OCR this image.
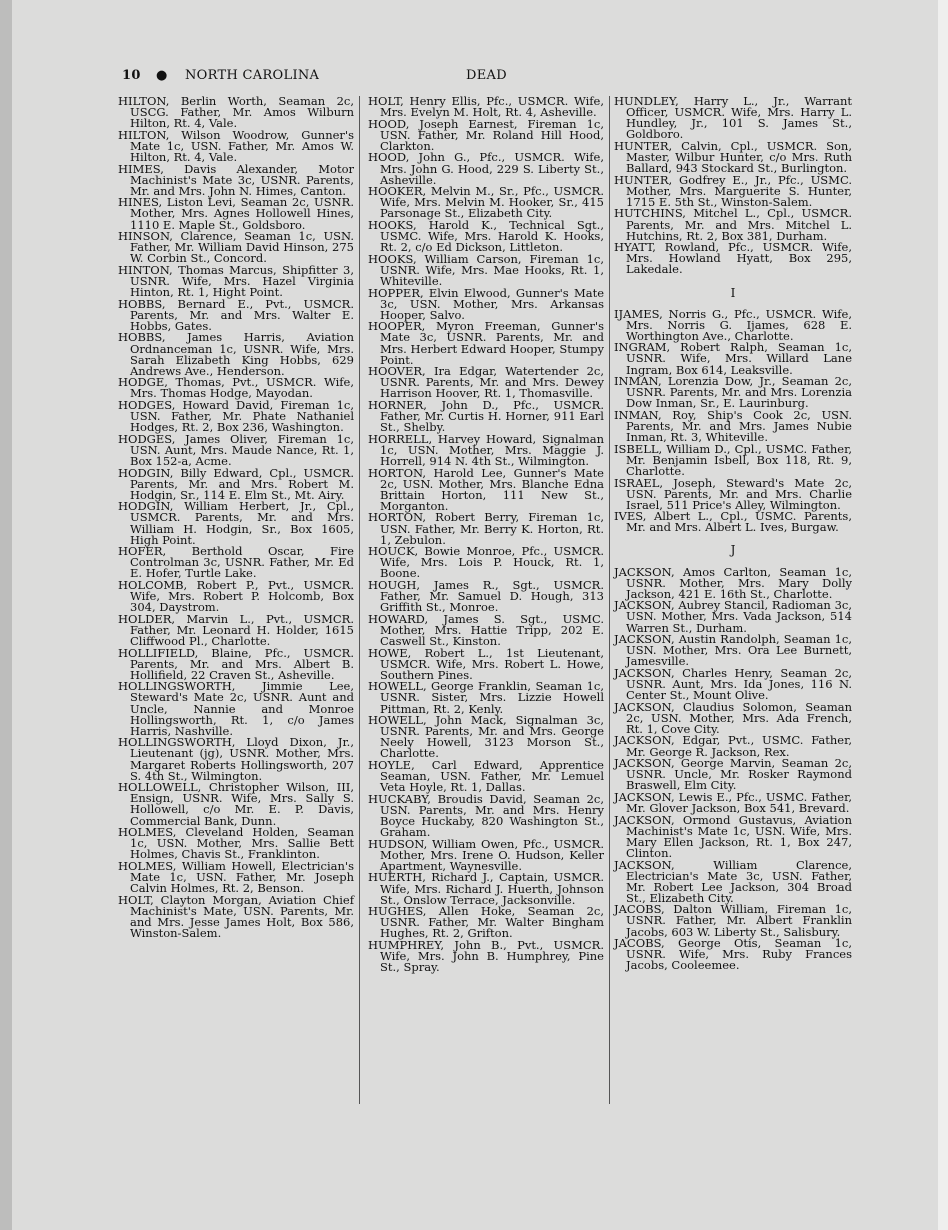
10 ● NORTH CAROLINA	DEAD
HILTON, Berlin Worth, Seaman 2c, USCG. Father, Mr. Amos Wilburn Hilton, Rt. 4, Vale.
HILTON, Wilson Woodrow, Gunner's Mate 1c, USN. Father, Mr. Amos W. Hilton, Rt. 4, Vale.
HIMES, Davis Alexander, Motor Machinist's Mate 3c, USNR. Parents, Mr. and Mrs. John N. Himes, Canton.
HINES, Liston Levi, Seaman 2c, USNR. Mother, Mrs. Agnes Hollowell Hines, 1110 E. Maple St., Goldsboro.
HINSON, Clarence, Seaman 1c, USN. Father, Mr. William David Hinson, 275 W. Corbin St., Concord.
HINTON, Thomas Marcus, Shipfitter 3, USNR. Wife, Mrs. Hazel Virginia Hinton, Rt. 1, Hight Point.
HOBBS, Bernard E., Pvt., USMCR. Parents, Mr. and Mrs. Walter E. Hobbs, Gates.
HOBBS, James Harris, Aviation Ordnanceman 1c, USNR. Wife, Mrs. Sarah Elizabeth King Hobbs, 629 Andrews Ave., Henderson.
HODGE, Thomas, Pvt., USMCR. Wife, Mrs. Thomas Hodge, Mayodan.
HODGES, Howard David, Fireman 1c, USN. Father, Mr. Phate Nathaniel Hodges, Rt. 2, Box 236, Washington.
HODGES, James Oliver, Fireman 1c, USN. Aunt, Mrs. Maude Nance, Rt. 1, Box 152-a, Acme.
HODGIN, Billy Edward, Cpl., USMCR. Parents, Mr. and Mrs. Robert M. Hodgin, Sr., 114 E. Elm St., Mt. Airy.
HODGIN, William Herbert, Jr., Cpl., USMCR. Parents, Mr. and Mrs. William H. Hodgin, Sr., Box 1605, High Point.
HOFER, Berthold Oscar, Fire Controlman 3c, USNR. Father, Mr. Ed E. Hofer, Turtle Lake.
HOLCOMB, Robert P., Pvt., USMCR. Wife, Mrs. Robert P. Holcomb, Box 304, Daystrom.
HOLDER, Marvin L., Pvt., USMCR. Father, Mr. Leonard H. Holder, 1615 Cliffwood Pl., Charlotte.
HOLLIFIELD, Blaine, Pfc., USMCR. Parents, Mr. and Mrs. Albert B. Hollifield, 22 Craven St., Asheville.
HOLLINGSWORTH, Jimmie Lee, Steward's Mate 2c, USNR. Aunt and Uncle, Nannie and Monroe Hollingsworth, Rt. 1, c/o James Harris, Nashville.
HOLLINGSWORTH, Lloyd Dixon, Jr., Lieutenant (jg), USNR. Mother, Mrs. Margaret Roberts Hollingsworth, 207 S. 4th St., Wilmington.
HOLLOWELL, Christopher Wilson, III, Ensign, USNR. Wife, Mrs. Sally S. Hollowell, c/o Mr. E. P. Davis, Commercial Bank, Dunn.
HOLMES, Cleveland Holden, Seaman 1c, USN. Mother, Mrs. Sallie Bett Holmes, Chavis St., Franklinton.
HOLMES, William Howell, Electrician's Mate 1c, USN. Father, Mr. Joseph Calvin Holmes, Rt. 2, Benson.
HOLT, Clayton Morgan, Aviation Chief Machinist's Mate, USN. Parents, Mr. and Mrs. Jesse James Holt, Box 586, Winston-Salem.
HOLT, Henry Ellis, Pfc., USMCR. Wife, Mrs. Evelyn M. Holt, Rt. 4, Asheville.
HOOD, Joseph Earnest, Fireman 1c, USN. Father, Mr. Roland Hill Hood, Clarkton.
HOOD, John G., Pfc., USMCR. Wife, Mrs. John G. Hood, 229 S. Liberty St., Asheville.
HOOKER, Melvin M., Sr., Pfc., USMCR. Wife, Mrs. Melvin M. Hooker, Sr., 415 Parsonage St., Elizabeth City.
HOOKS, Harold K., Technical Sgt., USMC. Wife, Mrs. Harold K. Hooks, Rt. 2, c/o Ed Dickson, Littleton.
HOOKS, William Carson, Fireman 1c, USNR. Wife, Mrs. Mae Hooks, Rt. 1, Whiteville.
HOPPER, Elvin Elwood, Gunner's Mate 3c, USN. Mother, Mrs. Arkansas Hooper, Salvo.
HOOPER, Myron Freeman, Gunner's Mate 3c, USNR. Parents, Mr. and Mrs. Herbert Edward Hooper, Stumpy Point.
HOOVER, Ira Edgar, Watertender 2c, USNR. Parents, Mr. and Mrs. Dewey Harrison Hoover, Rt. 1, Thomasville.
HORNER, John D., Pfc., USMCR. Father, Mr. Curtis H. Horner, 911 Earl St., Shelby.
HORRELL, Harvey Howard, Signalman 1c, USN. Mother, Mrs. Maggie J. Horrell, 914 N. 4th St., Wilmington.
HORTON, Harold Lee, Gunner's Mate 2c, USN. Mother, Mrs. Blanche Edna Brittain Horton, 111 New St., Morganton.
HORTON, Robert Berry, Fireman 1c, USN. Father, Mr. Berry K. Horton, Rt. 1, Zebulon.
HOUCK, Bowie Monroe, Pfc., USMCR. Wife, Mrs. Lois P. Houck, Rt. 1, Boone.
HOUGH, James R., Sgt., USMCR. Father, Mr. Samuel D. Hough, 313 Griffith St., Monroe.
HOWARD, James S. Sgt., USMC. Mother, Mrs. Hattie Tripp, 202 E. Caswell St., Kinston.
HOWE, Robert L., 1st Lieutenant, USMCR. Wife, Mrs. Robert L. Howe, Southern Pines.
HOWELL, George Franklin, Seaman 1c, USNR. Sister, Mrs. Lizzie Howell Pittman, Rt. 2, Kenly.
HOWELL, John Mack, Signalman 3c, USNR. Parents, Mr. and Mrs. George Neely Howell, 3123 Morson St., Charlotte.
HOYLE, Carl Edward, Apprentice Seaman, USN. Father, Mr. Lemuel Veta Hoyle, Rt. 1, Dallas.
HUCKABY, Broudis David, Seaman 2c, USN. Parents, Mr. and Mrs. Henry Boyce Huckaby, 820 Washington St., Graham.
HUDSON, William Owen, Pfc., USMCR. Mother, Mrs. Irene O. Hudson, Keller Apartment, Waynesville.
HUERTH, Richard J., Captain, USMCR. Wife, Mrs. Richard J. Huerth, Johnson St., Onslow Terrace, Jacksonville.
HUGHES, Allen Hoke, Seaman 2c, USNR. Father, Mr. Walter Bingham Hughes, Rt. 2, Grifton.
HUMPHREY, John B., Pvt., USMCR. Wife, Mrs. John B. Humphrey, Pine St., Spray.
HUNDLEY, Harry L., Jr., Warrant Officer, USMCR. Wife, Mrs. Harry L. Hundley, Jr., 101 S. James St., Goldboro.
HUNTER, Calvin, Cpl., USMCR. Son, Master, Wilbur Hunter, c/o Mrs. Ruth Ballard, 943 Stockard St., Burlington.
HUNTER, Godfrey E., Jr., Pfc., USMC. Mother, Mrs. Marguerite S. Hunter, 1715 E. 5th St., Winston-Salem.
HUTCHINS, Mitchel L., Cpl., USMCR. Parents, Mr. and Mrs. Mitchel L. Hutchins, Rt. 2, Box 381, Durham.
HYATT, Rowland, Pfc., USMCR. Wife, Mrs. Howland Hyatt, Box 295, Lakedale.
I
IJAMES, Norris G., Pfc., USMCR. Wife, Mrs. Norris G. Ijames, 628 E. Worthington Ave., Charlotte.
INGRAM, Robert Ralph, Seaman 1c, USNR. Wife, Mrs. Willard Lane Ingram, Box 614, Leaksville.
INMAN, Lorenzia Dow, Jr., Seaman 2c, USNR. Parents, Mr. and Mrs. Lorenzia Dow Inman, Sr., E. Laurinburg.
INMAN, Roy, Ship's Cook 2c, USN. Parents, Mr. and Mrs. James Nubie Inman, Rt. 3, Whiteville.
ISBELL, William D., Cpl., USMC. Father, Mr. Benjamin Isbell, Box 118, Rt. 9, Charlotte.
ISRAEL, Joseph, Steward's Mate 2c, USN. Parents, Mr. and Mrs. Charlie Israel, 511 Price's Alley, Wilmington.
IVES, Albert L., Cpl., USMC. Parents, Mr. and Mrs. Albert L. Ives, Burgaw.
J
JACKSON, Amos Carlton, Seaman 1c, USNR. Mother, Mrs. Mary Dolly Jackson, 421 E. 16th St., Charlotte.
JACKSON, Aubrey Stancil, Radioman 3c, USN. Mother, Mrs. Vada Jackson, 514 Warren St., Durham.
JACKSON, Austin Randolph, Seaman 1c, USN. Mother, Mrs. Ora Lee Burnett, Jamesville.
JACKSON, Charles Henry, Seaman 2c, USNR. Aunt, Mrs. Ida Jones, 116 N. Center St., Mount Olive.
JACKSON, Claudius Solomon, Seaman 2c, USN. Mother, Mrs. Ada French, Rt. 1, Cove City.
JACKSON, Edgar, Pvt., USMC. Father, Mr. George R. Jackson, Rex.
JACKSON, George Marvin, Seaman 2c, USNR. Uncle, Mr. Rosker Raymond Braswell, Elm City.
JACKSON, Lewis E., Pfc., USMC. Father, Mr. Glover Jackson, Box 541, Brevard.
JACKSON, Ormond Gustavus, Aviation Machinist's Mate 1c, USN. Wife, Mrs. Mary Ellen Jackson, Rt. 1, Box 247, Clinton.
JACKSON, William Clarence, Electrician's Mate 3c, USN. Father, Mr. Robert Lee Jackson, 304 Broad St., Elizabeth City.
JACOBS, Dalton William, Fireman 1c, USNR. Father, Mr. Albert Franklin Jacobs, 603 W. Liberty St., Salisbury.
JACOBS, George Otis, Seaman 1c, USNR. Wife, Mrs. Ruby Frances Jacobs, Cooleemee.
